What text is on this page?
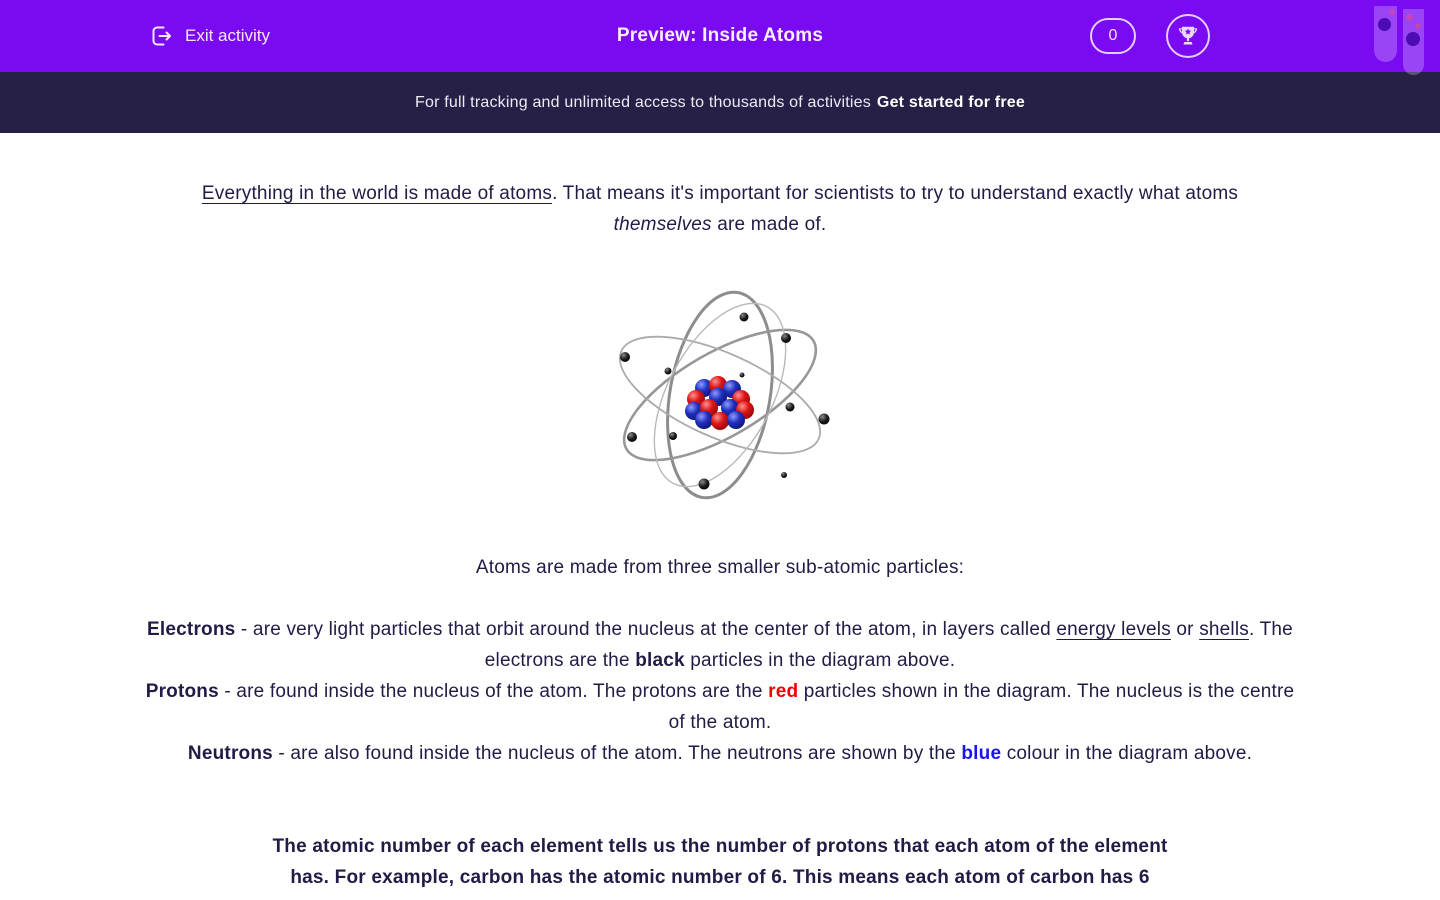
Exit activity	Preview: Inside Atoms	0
For full tracking and unlimited access to thousands of activities Get started for free

Everything in the world is made of atoms. That means it's important for scientists to try to understand exactly what atoms themselves are made of.

Atoms are made from three smaller sub-atomic particles:

Electrons - are very light particles that orbit around the nucleus at the center of the atom, in layers called energy levels or shells. The electrons are the black particles in the diagram above.

Protons - are found inside the nucleus of the atom. The protons are the red particles shown in the diagram. The nucleus is the centre of the atom.

Neutrons - are also found inside the nucleus of the atom. The neutrons are shown by the blue colour in the diagram above.

The atomic number of each element tells us the number of protons that each atom of the element
has. For example, carbon has the atomic number of 6. This means each atom of carbon has 6
